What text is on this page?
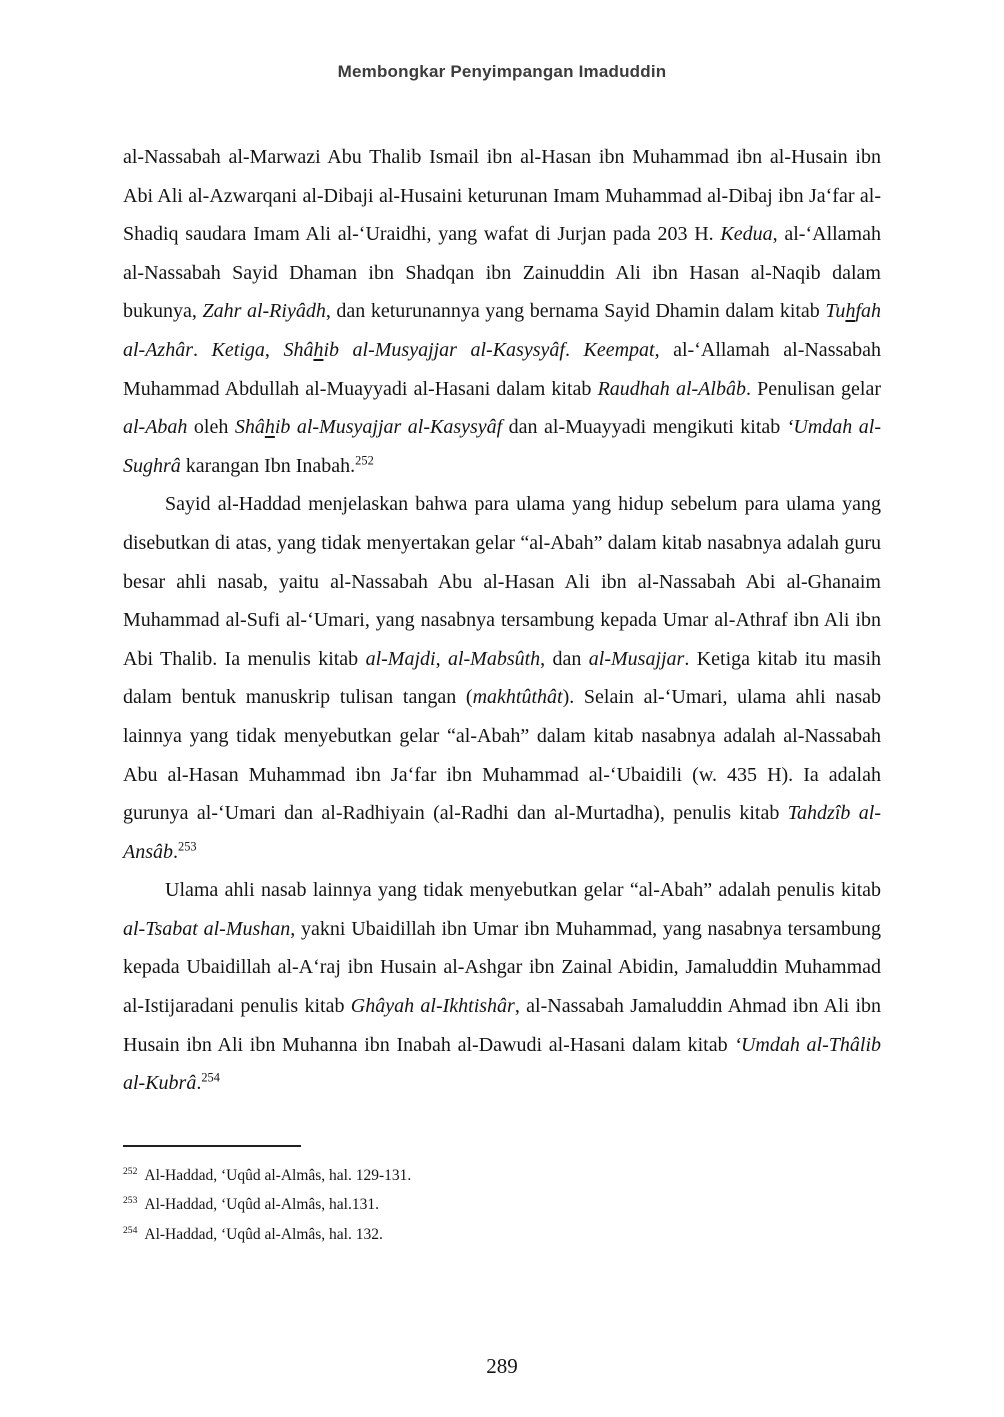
Membongkar Penyimpangan Imaduddin

al-Nassabah al-Marwazi Abu Thalib Ismail ibn al-Hasan ibn Muhammad ibn al-Husain ibn Abi Ali al-Azwarqani al-Dibaji al-Husaini keturunan Imam Muhammad al-Dibaj ibn Ja‘far al-Shadiq saudara Imam Ali al-‘Uraidhi, yang wafat di Jurjan pada 203 H. Kedua, al-‘Allamah al-Nassabah Sayid Dhaman ibn Shadqan ibn Zainuddin Ali ibn Hasan al-Naqib dalam bukunya, Zahr al-Riyâdh, dan keturunannya yang bernama Sayid Dhamin dalam kitab Tuhfah al-Azhâr. Ketiga, Shâhib al-Musyajjar al-Kasysyâf. Keempat, al-‘Allamah al-Nassabah Muhammad Abdullah al-Muayyadi al-Hasani dalam kitab Raudhah al-Albâb. Penulisan gelar al-Abah oleh Shâhib al-Musyajjar al-Kasysyâf dan al-Muayyadi mengikuti kitab ‘Umdah al-Sughrâ karangan Ibn Inabah.$^{252}$

Sayid al-Haddad menjelaskan bahwa para ulama yang hidup sebelum para ulama yang disebutkan di atas, yang tidak menyertakan gelar “al-Abah” dalam kitab nasabnya adalah guru besar ahli nasab, yaitu al-Nassabah Abu al-Hasan Ali ibn al-Nassabah Abi al-Ghanaim Muhammad al-Sufi al-‘Umari, yang nasabnya tersambung kepada Umar al-Athraf ibn Ali ibn Abi Thalib. Ia menulis kitab al-Majdi, al-Mabsûth, dan al-Musajjar. Ketiga kitab itu masih dalam bentuk manuskrip tulisan tangan (makhtûthât). Selain al-‘Umari, ulama ahli nasab lainnya yang tidak menyebutkan gelar “al-Abah” dalam kitab nasabnya adalah al-Nassabah Abu al-Hasan Muhammad ibn Ja‘far ibn Muhammad al-‘Ubaidili (w. 435 H). Ia adalah gurunya al-‘Umari dan al-Radhiyain (al-Radhi dan al-Murtadha), penulis kitab Tahdzîb al-Ansâb.$^{253}$

Ulama ahli nasab lainnya yang tidak menyebutkan gelar “al-Abah” adalah penulis kitab al-Tsabat al-Mushan, yakni Ubaidillah ibn Umar ibn Muhammad, yang nasabnya tersambung kepada Ubaidillah al-A‘raj ibn Husain al-Ashgar ibn Zainal Abidin, Jamaluddin Muhammad al-Istijaradani penulis kitab Ghâyah al-Ikhtishâr, al-Nassabah Jamaluddin Ahmad ibn Ali ibn Husain ibn Ali ibn Muhanna ibn Inabah al-Dawudi al-Hasani dalam kitab ‘Umdah al-Thâlib al-Kubrâ.$^{254}$

$^{252}$ Al-Haddad, ‘Uqûd al-Almâs, hal. 129-131.
$^{253}$ Al-Haddad, ‘Uqûd al-Almâs, hal.131.
$^{254}$ Al-Haddad, ‘Uqûd al-Almâs, hal. 132.
289
